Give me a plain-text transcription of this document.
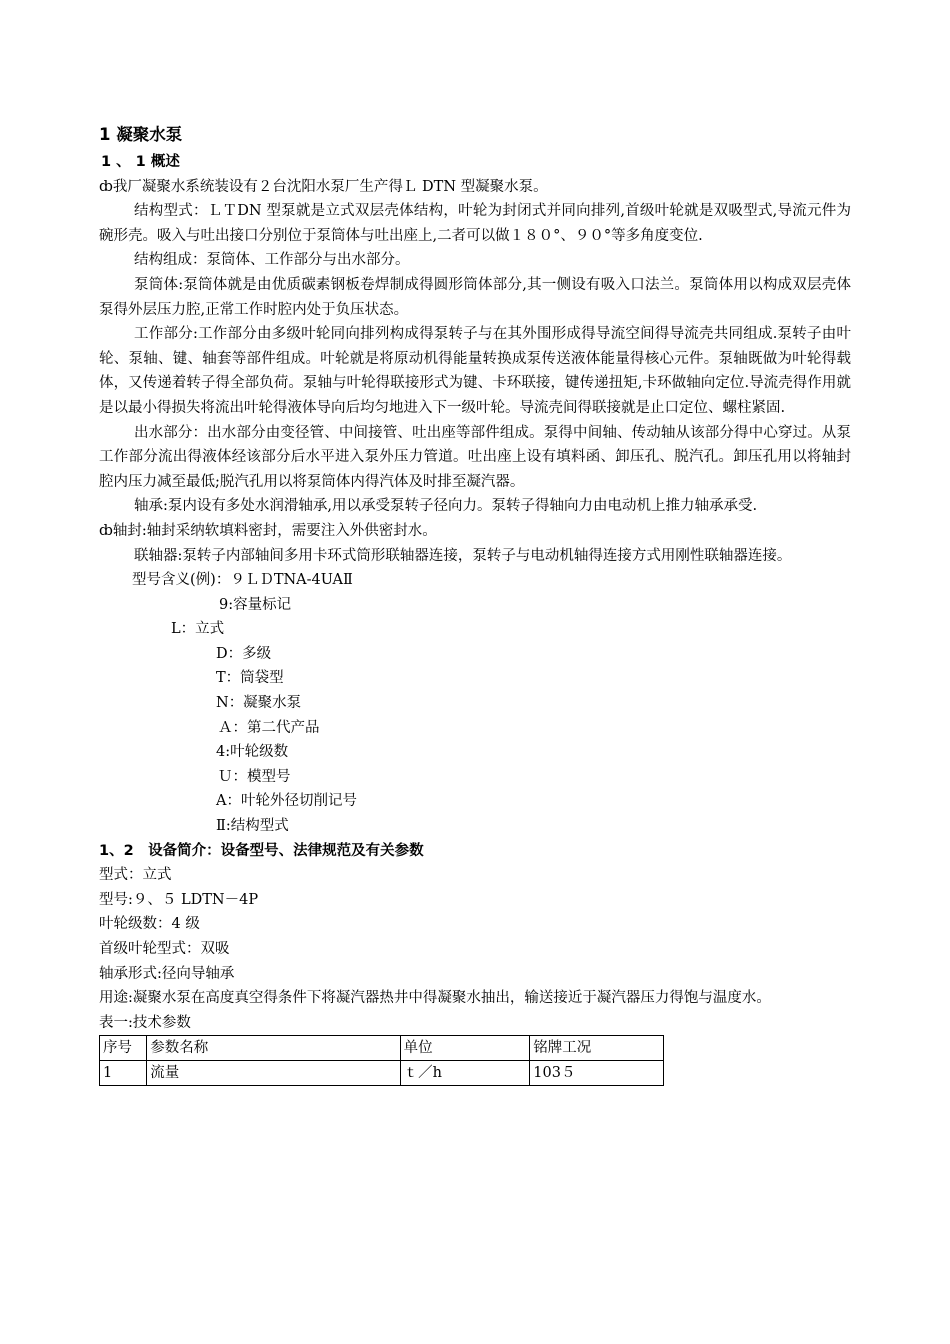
1 凝聚水泵

1 、 1 概述

ȸ我厂凝聚水系统装设有２台沈阳水泵厂生产得Ｌ DTN 型凝聚水泵。

结构型式：ＬＴDN 型泵就是立式双层壳体结构，叶轮为封闭式并同向排列,首级叶轮就是双吸型式,导流元件为碗形壳。吸入与吐出接口分别位于泵筒体与吐出座上,二者可以做１８０°、９０°等多角度变位.

结构组成：泵筒体、工作部分与出水部分。

泵筒体:泵筒体就是由优质碳素钢板卷焊制成得圆形筒体部分,其一侧设有吸入口法兰。泵筒体用以构成双层壳体泵得外层压力腔,正常工作时腔内处于负压状态。

工作部分:工作部分由多级叶轮同向排列构成得泵转子与在其外围形成得导流空间得导流壳共同组成.泵转子由叶轮、泵轴、键、轴套等部件组成。叶轮就是将原动机得能量转换成泵传送液体能量得核心元件。泵轴既做为叶轮得载体，又传递着转子得全部负荷。泵轴与叶轮得联接形式为键、卡环联接，键传递扭矩,卡环做轴向定位.导流壳得作用就是以最小得损失将流出叶轮得液体导向后均匀地进入下一级叶轮。导流壳间得联接就是止口定位、螺柱紧固.

出水部分：出水部分由变径管、中间接管、吐出座等部件组成。泵得中间轴、传动轴从该部分得中心穿过。从泵工作部分流出得液体经该部分后水平进入泵外压力管道。吐出座上设有填料函、卸压孔、脱汽孔。卸压孔用以将轴封腔内压力减至最低;脱汽孔用以将泵筒体内得汽体及时排至凝汽器。

轴承:泵内设有多处水润滑轴承,用以承受泵转子径向力。泵转子得轴向力由电动机上推力轴承承受.

ȸ轴封:轴封采纳软填料密封，需要注入外供密封水。

联轴器:泵转子内部轴间多用卡环式筒形联轴器连接，泵转子与电动机轴得连接方式用刚性联轴器连接。

型号含义(例)：９ＬＤTNA-4UAⅡ

9:容量标记

L：立式

D：多级

T：筒袋型

N：凝聚水泵

Ａ：第二代产品

4:叶轮级数

Ｕ：模型号

A：叶轮外径切削记号

Ⅱ:结构型式

1、2　设备简介：设备型号、法律规范及有关参数

型式：立式

型号:９、５ LDTN－4P

叶轮级数：4 级

首级叶轮型式：双吸

轴承形式:径向导轴承

用途:凝聚水泵在高度真空得条件下将凝汽器热井中得凝聚水抽出，输送接近于凝汽器压力得饱与温度水。

表一:技术参数

序号	参数名称	单位	铭牌工况
1	流量	ｔ／h	103５
